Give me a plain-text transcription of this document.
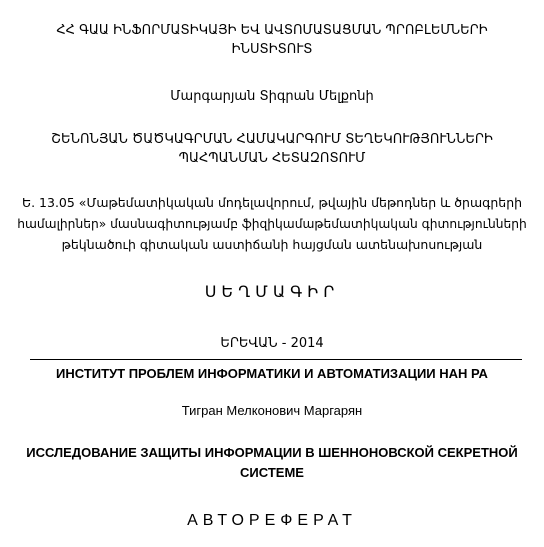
ՀՀ ԳԱԱ ԻՆՖՈՐՄԱՏԻԿԱՅԻ ԵՎ ԱՎՏՈՄԱՏԱՑՄԱՆ ՊՐՈԲԼԵՄՆԵՐԻ
ԻՆՍՏԻՏՈՒՏ
Մարգարյան Տիգրան Մելքոնի
ՇԵՆՈՆՅԱՆ ԾԱԾԿԱԳՐՄԱՆ ՀԱՄԱԿԱՐԳՈՒՄ ՏԵՂԵԿՈՒԹՅՈՒՆՆԵՐԻ
ՊԱՀՊԱՆՄԱՆ ՀԵՏԱԶՈՏՈՒՄ
Ե. 13.05 «Մաթեմատիկական մոդելավորում, թվային մեթոդներ և ծրագրերի
համալիրներ» մասնագիտությամբ ֆիզիկամաթեմատիկական գիտությունների
թեկնածուի գիտական աստիճանի հայցման ատենախոսության
ՍԵՂՄԱԳԻՐ
ԵՐԵՎԱՆ - 2014
ИНСТИТУТ ПРОБЛЕМ ИНФОРМАТИКИ И АВТОМАТИЗАЦИИ НАН РА
Тигран Мелконович Маргарян
ИССЛЕДОВАНИЕ ЗАЩИТЫ ИНФОРМАЦИИ В ШЕННОНОВСКОЙ СЕКРЕТНОЙ
СИСТЕМЕ
АВТОРЕФЕРАТ
